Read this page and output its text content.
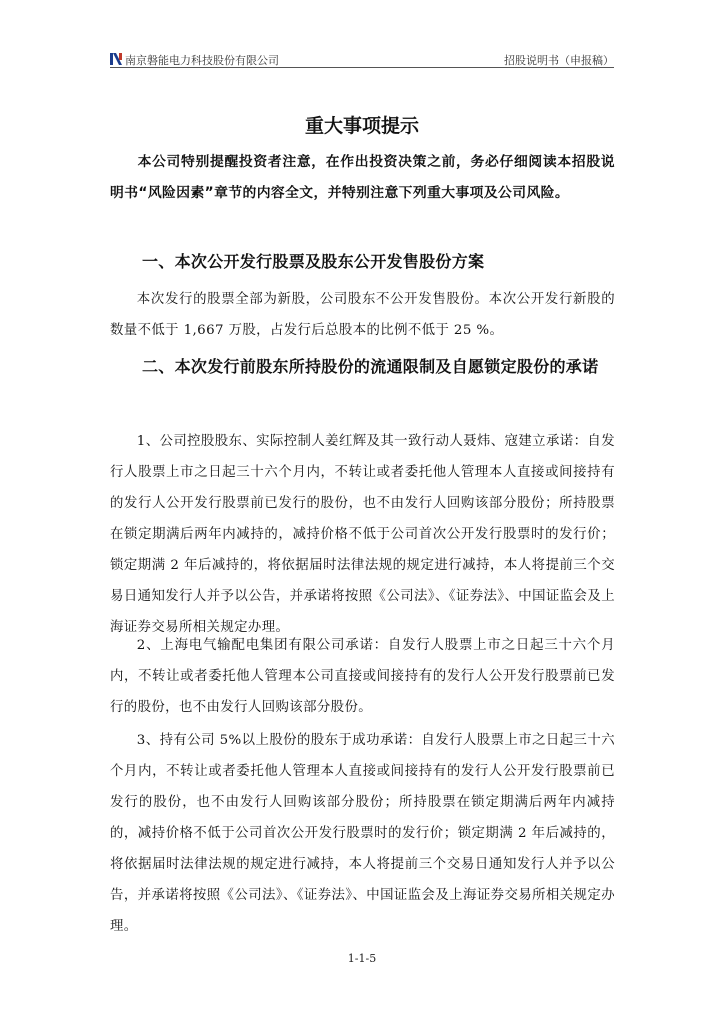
南京磐能电力科技股份有限公司	招股说明书（申报稿）
重大事项提示

本公司特别提醒投资者注意，在作出投资决策之前，务必仔细阅读本招股说明书“风险因素”章节的内容全文，并特别注意下列重大事项及公司风险。

一、本次公开发行股票及股东公开发售股份方案

本次发行的股票全部为新股，公司股东不公开发售股份。本次公开发行新股的数量不低于 1,667 万股，占发行后总股本的比例不低于 25 %。

二、本次发行前股东所持股份的流通限制及自愿锁定股份的承诺

1、公司控股股东、实际控制人姜红辉及其一致行动人聂炜、寇建立承诺：自发行人股票上市之日起三十六个月内，不转让或者委托他人管理本人直接或间接持有的发行人公开发行股票前已发行的股份，也不由发行人回购该部分股份；所持股票在锁定期满后两年内减持的，减持价格不低于公司首次公开发行股票时的发行价；锁定期满 2 年后减持的，将依据届时法律法规的规定进行减持，本人将提前三个交易日通知发行人并予以公告，并承诺将按照《公司法》、《证券法》、中国证监会及上海证券交易所相关规定办理。

2、上海电气输配电集团有限公司承诺：自发行人股票上市之日起三十六个月内，不转让或者委托他人管理本公司直接或间接持有的发行人公开发行股票前已发行的股份，也不由发行人回购该部分股份。

3、持有公司 5%以上股份的股东于成功承诺：自发行人股票上市之日起三十六个月内，不转让或者委托他人管理本人直接或间接持有的发行人公开发行股票前已发行的股份，也不由发行人回购该部分股份；所持股票在锁定期满后两年内减持的，减持价格不低于公司首次公开发行股票时的发行价；锁定期满 2 年后减持的，将依据届时法律法规的规定进行减持，本人将提前三个交易日通知发行人并予以公告，并承诺将按照《公司法》、《证券法》、中国证监会及上海证券交易所相关规定办理。

1-1-5
